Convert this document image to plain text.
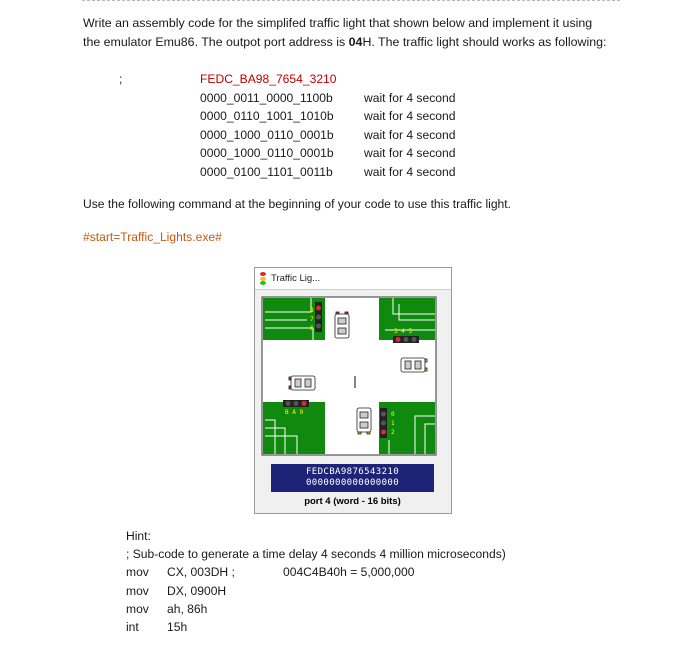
Write an assembly code for the simplifed traffic light that shown below and implement it using
the emulator Emu86. The outpot port address is 04H. The traffic light should works as following:
;	FEDC_BA98_7654_3210
0000_0011_0000_1100b	wait for 4 second
0000_0110_1001_1010b	wait for 4 second
0000_1000_0110_0001b	wait for 4 second
0000_1000_0110_0001b	wait for 4 second
0000_0100_1101_0011b	wait for 4 second
Use the following command at the beginning of your code to use this traffic light.
#start=Traffic_Lights.exe#
Traffic Lig...
8
7
6	3 4 5
B A 9	0
1
2
FEDCBA9876543210
0000000000000000
port 4 (word - 16 bits)
Hint:
; Sub-code to generate a time delay 4 seconds 4 million microseconds)
mov	CX, 003DH ;	004C4B40h = 5,000,000
mov	DX, 0900H
mov	ah, 86h
int	15h
